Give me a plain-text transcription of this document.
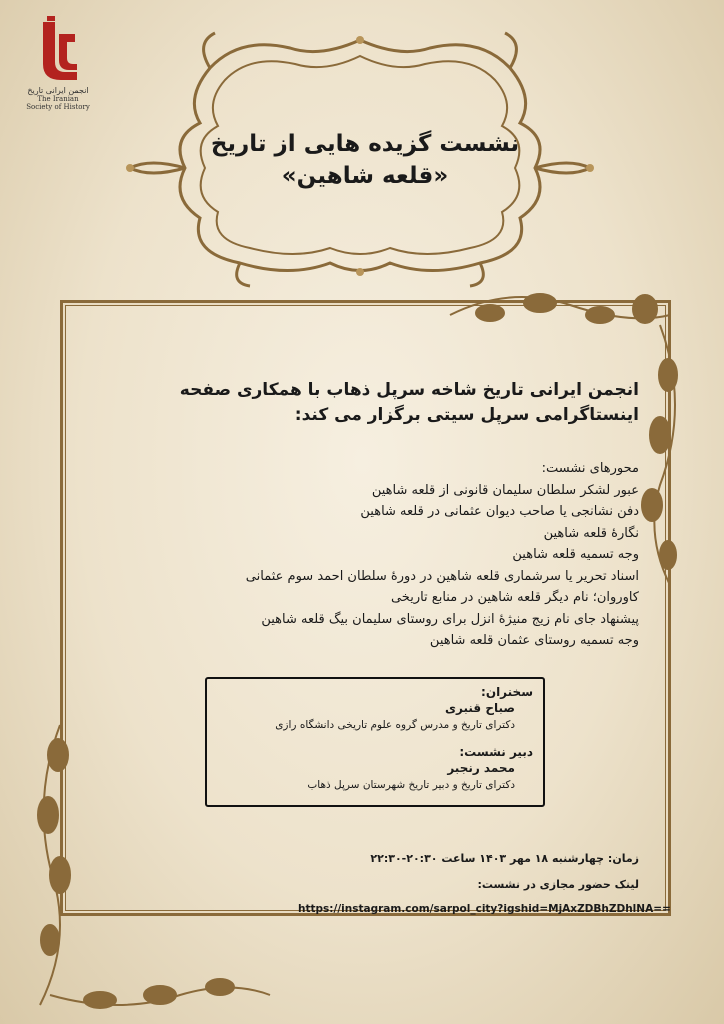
انجمن ایرانی تاریخ
The Iranian
Society of History
نشست گزیده هایی از تاریخ
«قلعه شاهین»
انجمن ایرانی تاریخ شاخه سرپل ذهاب با همکاری صفحه
اینستاگرامی سرپل سیتی برگزار می کند:
محورهای نشست:
عبور لشکر سلطان سلیمان قانونی از قلعه شاهین
دفن نشانجی یا صاحب دیوان عثمانی در قلعه شاهین
نگارهٔ قلعه شاهین
وجه تسمیه قلعه شاهین
اسناد تحریر یا سرشماری قلعه شاهین در دورهٔ سلطان احمد سوم عثمانی
کاوروان؛ نام دیگر قلعه شاهین در منابع تاریخی
پیشنهاد جای نام زیج منیژهٔ انزل برای روستای سلیمان بیگ قلعه شاهین
وجه تسمیه روستای عثمان قلعه شاهین
سخنران:
صباح قنبری
دکترای تاریخ و مدرس گروه علوم تاریخی دانشگاه رازی
دبیر نشست:
محمد رنجبر
دکترای تاریخ و دبیر تاریخ شهرستان سرپل ذهاب
زمان: چهارشنبه ۱۸ مهر ۱۴۰۳ ساعت ۲۰:۳۰-۲۲:۳۰
لینک حضور مجازی در نشست:
https://instagram.com/sarpol_city?igshid=MjAxZDBhZDhlNA==
